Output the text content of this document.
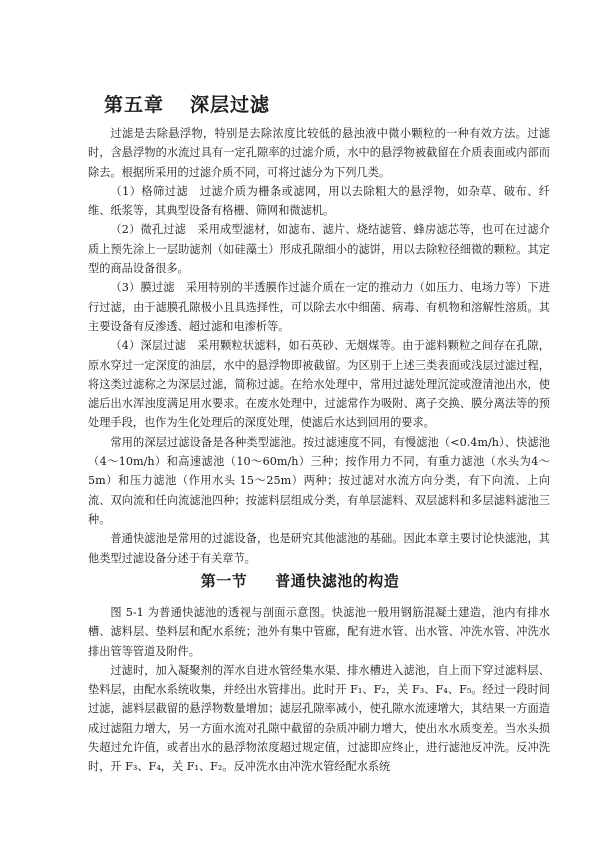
第五章 深层过滤

过滤是去除悬浮物，特别是去除浓度比较低的悬浊液中微小颗粒的一种有效方法。过滤时，含悬浮物的水流过具有一定孔隙率的过滤介质，水中的悬浮物被截留在介质表面或内部而除去。根据所采用的过滤介质不同，可将过滤分为下列几类。

（1）格筛过滤　过滤介质为栅条或滤网，用以去除粗大的悬浮物，如杂草、破布、纤维、纸浆等，其典型设备有格栅、筛网和微滤机。

（2）微孔过滤　采用成型滤材，如滤布、滤片、烧结滤管、蜂房滤芯等，也可在过滤介质上预先涂上一层助滤剂（如硅藻土）形成孔隙细小的滤饼，用以去除粒径细微的颗粒。其定型的商品设备很多。

（3）膜过滤　采用特别的半透膜作过滤介质在一定的推动力（如压力、电场力等）下进行过滤，由于滤膜孔隙极小且具选择性，可以除去水中细菌、病毒、有机物和溶解性溶质。其主要设备有反渗透、超过滤和电渗析等。

（4）深层过滤　采用颗粒状滤料，如石英砂、无烟煤等。由于滤料颗粒之间存在孔隙，原水穿过一定深度的油层，水中的悬浮物即被截留。为区别于上述三类表面或浅层过滤过程，将这类过滤称之为深层过滤，简称过滤。在给水处理中，常用过滤处理沉淀或澄清池出水，使滤后出水浑浊度满足用水要求。在废水处理中，过滤常作为吸附、离子交换、膜分离法等的预处理手段，也作为生化处理后的深度处理，使滤后水达到回用的要求。

常用的深层过滤设备是各种类型滤池。按过滤速度不同，有慢滤池（<0.4m/h）、快滤池（4～10m/h）和高速滤池（10～60m/h）三种；按作用力不同，有重力滤池（水头为4～5m）和压力滤池（作用水头 15～25m）两种；按过滤对水流方向分类，有下向流、上向流、双向流和任向流滤池四种；按滤料层组成分类，有单层滤料、双层滤料和多层滤料滤池三种。

普通快滤池是常用的过滤设备，也是研究其他滤池的基础。因此本章主要讨论快滤池，其他类型过滤设备分述于有关章节。

第一节 普通快滤池的构造

图 5-1 为普通快滤池的透视与剖面示意图。快滤池一般用钢筋混凝土建造，池内有排水槽、滤料层、垫料层和配水系统；池外有集中管廊，配有进水管、出水管、冲洗水管、冲洗水排出管等管道及附件。

过滤时，加入凝聚剂的浑水自进水管经集水渠、排水槽进入滤池，自上而下穿过滤料层、垫料层，由配水系统收集，并经出水管排出。此时开 F₁、F₂，关 F₃、F₄、F₅。经过一段时间过滤，滤料层截留的悬浮物数量增加；滤层孔隙率减小，使孔隙水流速增大，其结果一方面造成过滤阻力增大，另一方面水流对孔隙中截留的杂质冲刷力增大，使出水水质变差。当水头损失超过允许值，或者出水的悬浮物浓度超过规定值，过滤即应终止，进行滤池反冲洗。反冲洗时，开 F₃、F₄，关 F₁、F₂。反冲洗水由冲洗水管经配水系统
